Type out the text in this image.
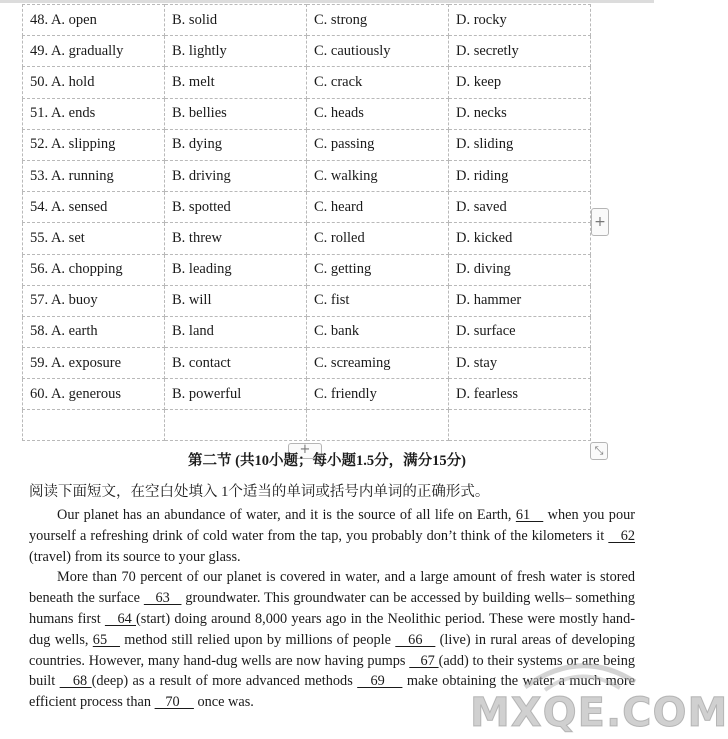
48. A. open	B. solid	C. strong	D. rocky
49. A. gradually	B. lightly	C. cautiously	D. secretly
50. A. hold	B. melt	C. crack	D. keep
51. A. ends	B. bellies	C. heads	D. necks
52. A. slipping	B. dying	C. passing	D. sliding
53. A. running	B. driving	C. walking	D. riding
54. A. sensed	B. spotted	C. heard	D. saved
55. A. set	B. threw	C. rolled	D. kicked
56. A. chopping	B. leading	C. getting	D. diving
57. A. buoy	B. will	C. fist	D. hammer
58. A. earth	B. land	C. bank	D. surface
59. A. exposure	B. contact	C. screaming	D. stay
60. A. generous	B. powerful	C. friendly	D. fearless

+
+	⤡
第二节 (共10小题；每小题1.5分，满分15分)
阅读下面短文，在空白处填入 1个适当的单词或括号内单词的正确形式。

Our planet has an abundance of water, and it is the source of all life on Earth, 61    when you pour yourself a refreshing drink of cold water from the tap, you probably don’t think of the kilometers it    62 (travel) from its source to your glass.

More than 70 percent of our planet is covered in water, and a large amount of fresh water is stored beneath the surface    63    groundwater. This groundwater can be accessed by building wells– something humans first    64 (start) doing around 8,000 years ago in the Neolithic period. These were mostly hand-dug wells, 65    method still relied upon by millions of people    66    (live) in rural areas of developing countries. However, many hand-dug wells are now having pumps    67 (add) to their systems or are being built    68 (deep) as a result of more advanced methods    69     make obtaining the water a much more efficient process than    70     once was.	MXQE.COM
